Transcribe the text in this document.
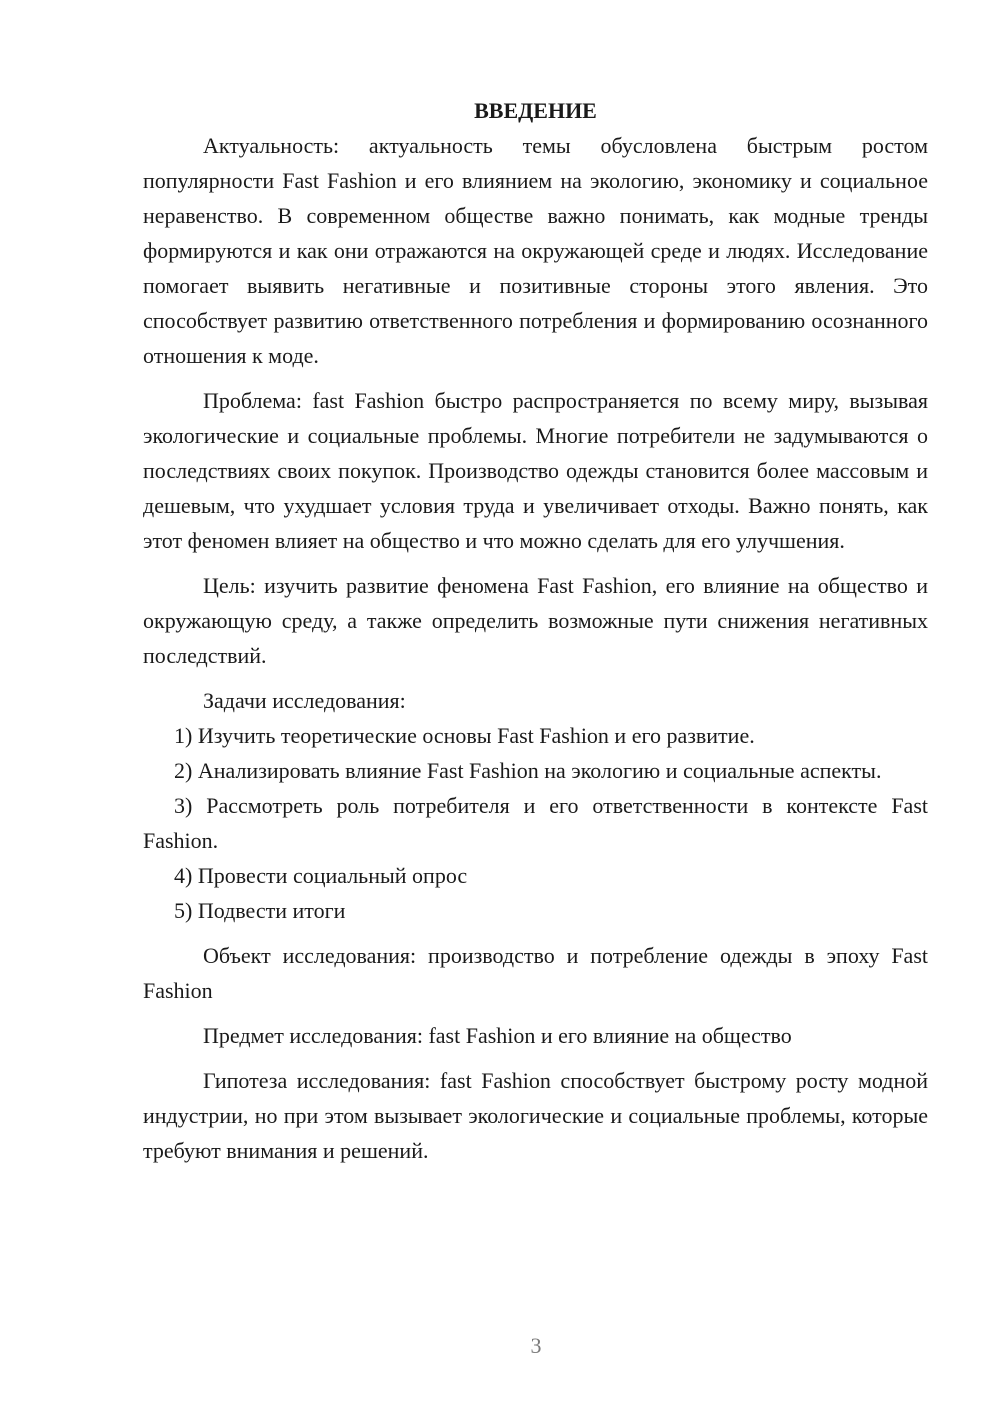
ВВЕДЕНИЕ

Актуальность: актуальность темы обусловлена быстрым ростом популярности Fast Fashion и его влиянием на экологию, экономику и социальное неравенство. В современном обществе важно понимать, как модные тренды формируются и как они отражаются на окружающей среде и людях. Исследование помогает выявить негативные и позитивные стороны этого явления. Это способствует развитию ответственного потребления и формированию осознанного отношения к моде.

Проблема: fast Fashion быстро распространяется по всему миру, вызывая экологические и социальные проблемы. Многие потребители не задумываются о последствиях своих покупок. Производство одежды становится более массовым и дешевым, что ухудшает условия труда и увеличивает отходы. Важно понять, как этот феномен влияет на общество и что можно сделать для его улучшения.

Цель: изучить развитие феномена Fast Fashion, его влияние на общество и окружающую среду, а также определить возможные пути снижения негативных последствий.

Задачи исследования:

1) Изучить теоретические основы Fast Fashion и его развитие.

2) Анализировать влияние Fast Fashion на экологию и социальные аспекты.

3) Рассмотреть роль потребителя и его ответственности в контексте Fast Fashion.

4) Провести социальный опрос

5) Подвести итоги

Объект исследования: производство и потребление одежды в эпоху Fast Fashion

Предмет исследования: fast Fashion и его влияние на общество

Гипотеза исследования: fast Fashion способствует быстрому росту модной индустрии, но при этом вызывает экологические и социальные проблемы, которые требуют внимания и решений.

3
